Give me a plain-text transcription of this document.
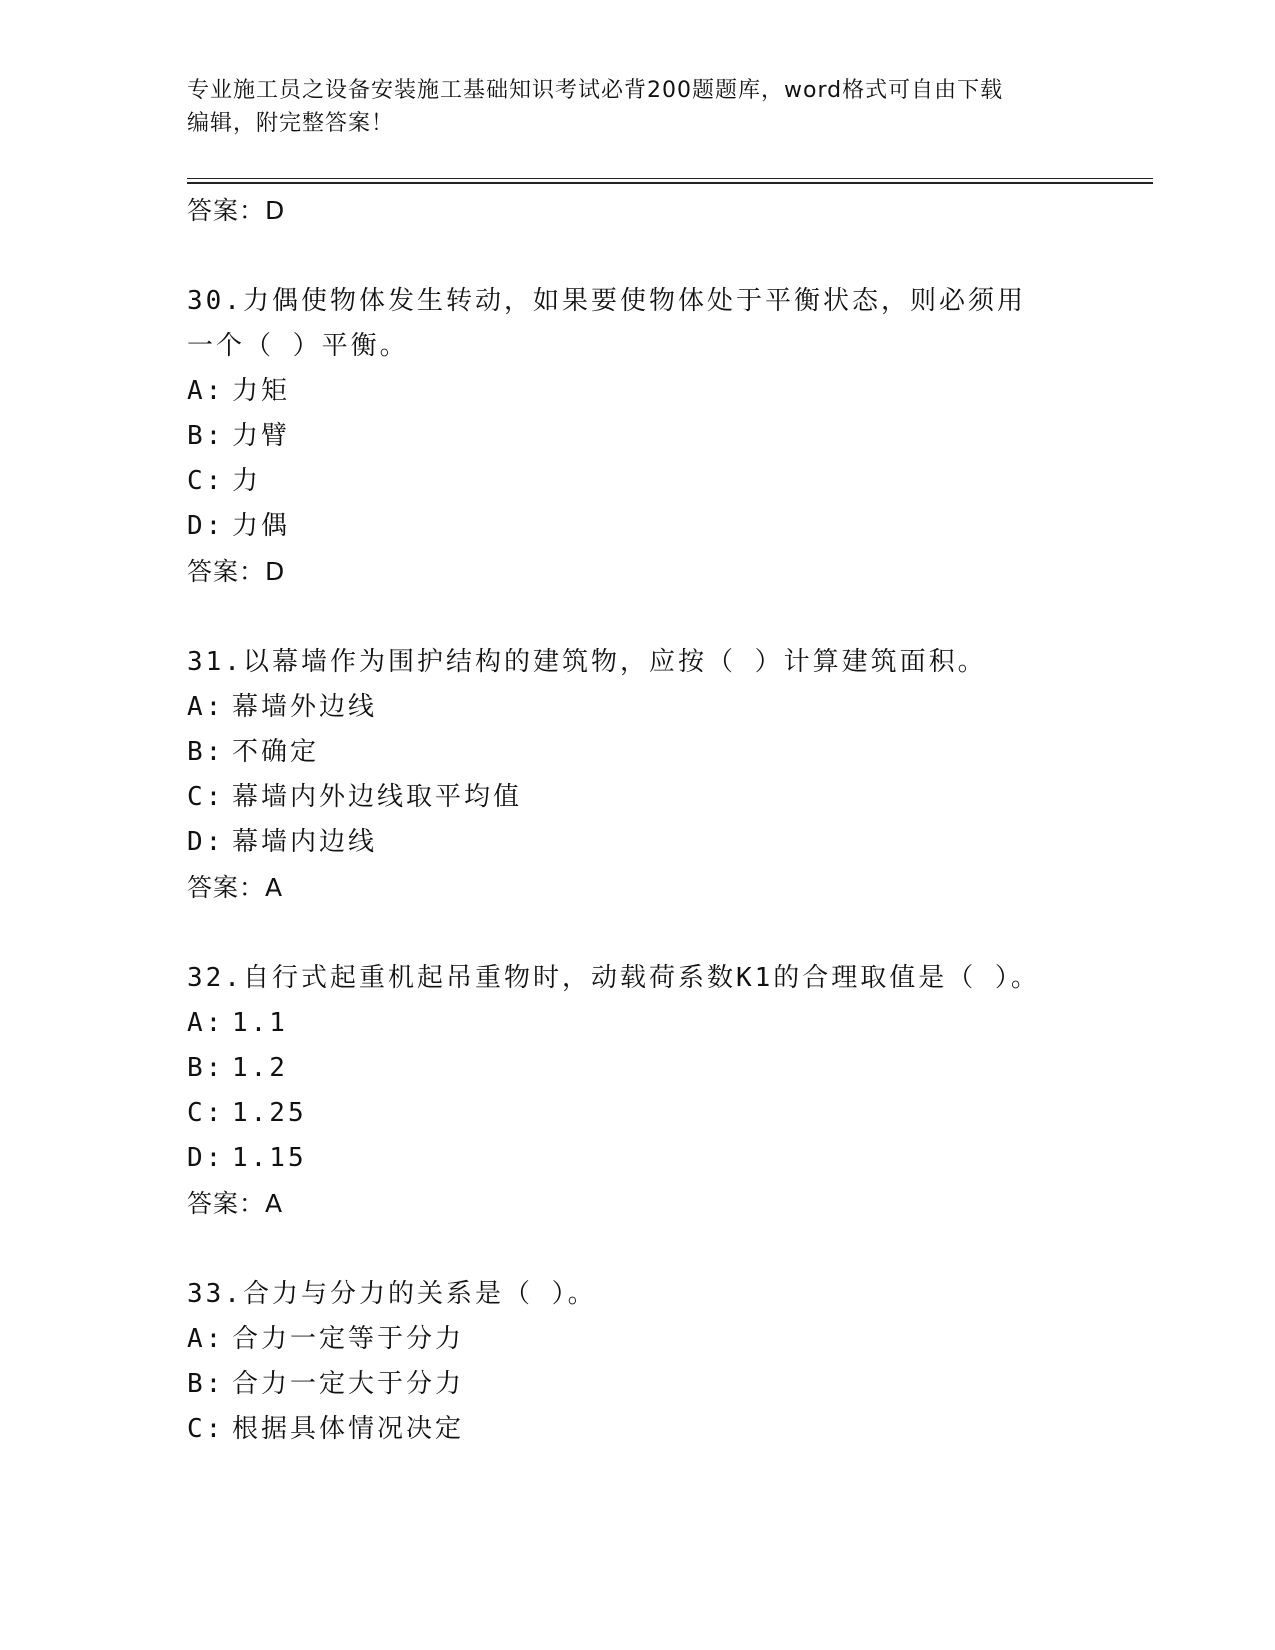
专业施工员之设备安装施工基础知识考试必背200题题库，word格式可自由下载
编辑，附完整答案！
答案：D
30.力偶使物体发生转动，如果要使物体处于平衡状态，则必须用一个（ ）平衡。
A: 力矩
B: 力臂
C: 力
D: 力偶
答案：D
31.以幕墙作为围护结构的建筑物，应按（ ）计算建筑面积。
A: 幕墙外边线
B: 不确定
C: 幕墙内外边线取平均值
D: 幕墙内边线
答案：A
32.自行式起重机起吊重物时，动载荷系数K1的合理取值是（ ）。
A: 1.1
B: 1.2
C: 1.25
D: 1.15
答案：A
33.合力与分力的关系是（ ）。
A: 合力一定等于分力
B: 合力一定大于分力
C: 根据具体情况决定
